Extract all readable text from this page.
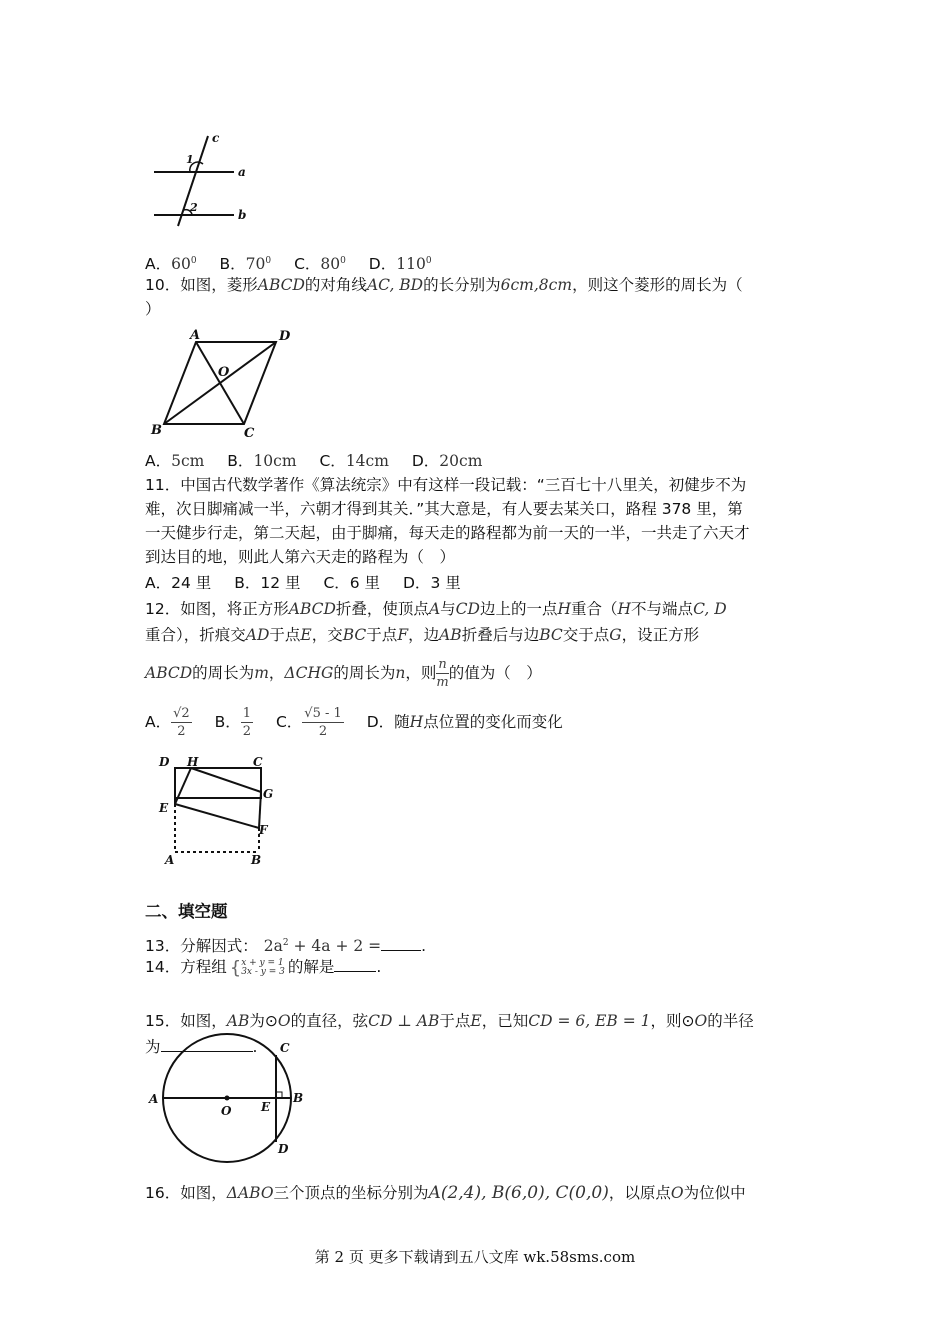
c
a
b
1
2
A．$60^0$ B．$70^0$ C．$80^0$ D．$110^0$
10．如图，菱形ABCD的对角线AC, BD的长分别为6cm,8cm，则这个菱形的周长为（
）
A	D
O
B	C
A．5cm B．10cm C．14cm D．20cm
11．中国古代数学著作《算法统宗》中有这样一段记载：“三百七十八里关，初健步不为
难，次日脚痛减一半，六朝才得到其关．”其大意是，有人要去某关口，路程 378 里，第
一天健步行走，第二天起，由于脚痛，每天走的路程都为前一天的一半，一共走了六天才
到达目的地，则此人第六天走的路程为（　）
A．24 里 B．12 里 C．6 里 D．3 里
12．如图，将正方形ABCD折叠，使顶点A与CD边上的一点H重合（H不与端点C, D
重合），折痕交AD于点E，交BC于点F，边AB折叠后与边BC交于点G，设正方形
ABCD的周长为m，ΔCHG的周长为n，则 $\frac{n}{m}$ 的值为（　）
A． $\frac{√2}{2}$ B． $\frac{1}{2}$ C． $\frac{√5 - 1}{2}$ D．随H点位置的变化而变化
D H	C
G
E
F
A	B
二、填空题
13．分解因式： $2a^2 + 4a + 2$ =	.
14．方程组 { x + y = 1
3x - y = 3 的解是	.
15．如图，AB为⊙O的直径，弦CD ⊥ AB于点E，已知CD = 6, EB = 1，则⊙O的半径
为	.
A
O E
B
C
D
16．如图，ΔABO三个顶点的坐标分别为A(2,4), B(6,0), C(0,0)，以原点O为位似中
第 2 页 更多下载请到五八文库 wk.58sms.com
